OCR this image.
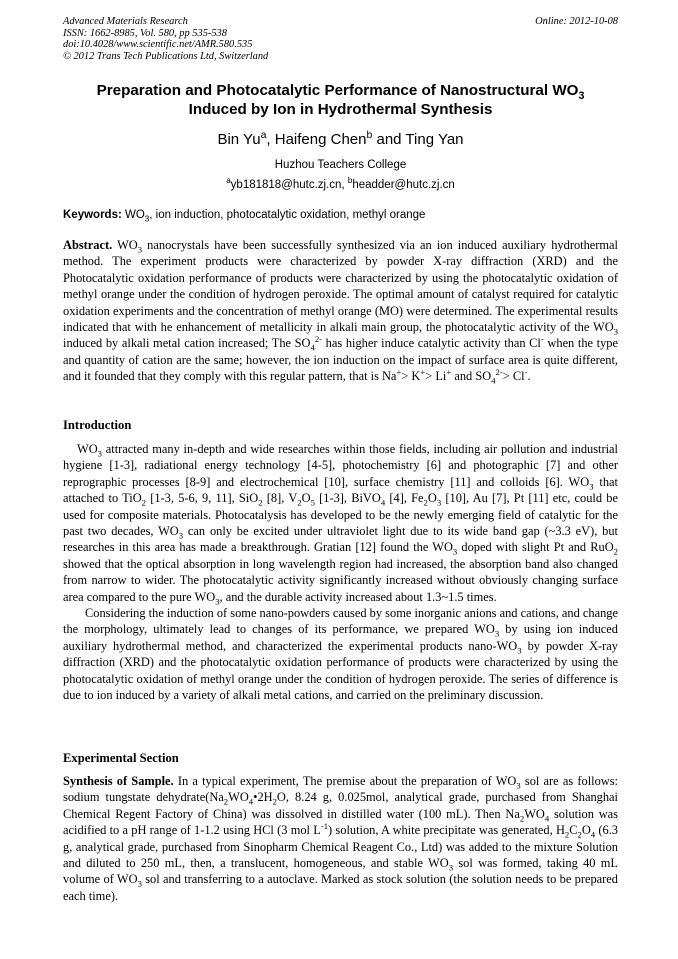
Advanced Materials Research
ISSN: 1662-8985, Vol. 580, pp 535-538
doi:10.4028/www.scientific.net/AMR.580.535
© 2012 Trans Tech Publications Ltd, Switzerland
Online: 2012-10-08
Preparation and Photocatalytic Performance of Nanostructural $WO_3$
Induced by Ion in Hydrothermal Synthesis
Bin Yu$^a$, Haifeng Chen$^b$ and Ting Yan
Huzhou Teachers College
$^a$yb181818@hutc.zj.cn, $^b$headder@hutc.zj.cn
Keywords: $WO_3$, ion induction, photocatalytic oxidation, methyl orange

Abstract. $WO_3$ nanocrystals have been successfully synthesized via an ion induced auxiliary hydrothermal method. The experiment products were characterized by powder X-ray diffraction (XRD) and the Photocatalytic oxidation performance of products were characterized by using the photocatalytic oxidation of methyl orange under the condition of hydrogen peroxide. The optimal amount of catalyst required for catalytic oxidation experiments and the concentration of methyl orange (MO) were determined. The experimental results indicated that with he enhancement of metallicity in alkali main group, the photocatalytic activity of the $WO_3$ induced by alkali metal cation increased; The $SO_4^{2-}$ has higher induce catalytic activity than Cl- when the type and quantity of cation are the same; however, the ion induction on the impact of surface area is quite different, and it founded that they comply with this regular pattern, that is Na+> K+> Li+ and $SO_4^{2-}> Cl^-$.

Introduction

$WO_3$ attracted many in-depth and wide researches within those fields, including air pollution and industrial hygiene [1-3], radiational energy technology [4-5], photochemistry [6] and photographic [7] and other reprographic processes [8-9] and electrochemical [10], surface chemistry [11] and colloids [6]. $WO_3$ that attached to TiO$_2$ [1-3, 5-6, 9, 11], SiO$_2$ [8], $V_2O_5$ [1-3], BiVO$_4$ [4], $Fe_2O_3$ [10], Au [7], Pt [11] etc, could be used for composite materials. Photocatalysis has developed to be the newly emerging field of catalytic for the past two decades, $WO_3$ can only be excited under ultraviolet light due to its wide band gap (~3.3 eV), but researches in this area has made a breakthrough. Gratian [12] found the $WO_3$ doped with slight Pt and RuO$_2$ showed that the optical absorption in long wavelength region had increased, the absorption band also changed from narrow to wider. The photocatalytic activity significantly increased without obviously changing surface area compared to the pure $WO_3$, and the durable activity increased about 1.3~1.5 times.

Considering the induction of some nano-powders caused by some inorganic anions and cations, and change the morphology, ultimately lead to changes of its performance, we prepared $WO_3$ by using ion induced auxiliary hydrothermal method, and characterized the experimental products nano-$WO_3$ by powder X-ray diffraction (XRD) and the photocatalytic oxidation performance of products were characterized by using the photocatalytic oxidation of methyl orange under the condition of hydrogen peroxide. The series of difference is due to ion induced by a variety of alkali metal cations, and carried on the preliminary discussion.

Experimental Section

Synthesis of Sample. In a typical experiment, The premise about the preparation of $WO_3$ sol are as follows: sodium tungstate $dehydrate(Na_2WO_4•2H_2O$, 8.24 g, 0.025mol, analytical grade, purchased from Shanghai Chemical Regent Factory of China) was dissolved in distilled water (100 mL). Then $Na_2WO_4$ solution was acidified to a pH range of 1-1.2 using HCl (3 mol $L^{-1}$) solution, A white precipitate was generated, $H_2C_2O_4$ (6.3 g, analytical grade, purchased from Sinopharm Chemical Reagent Co., Ltd) was added to the mixture Solution and diluted to 250 mL, then, a translucent, homogeneous, and stable $WO_3$ sol was formed, taking 40 mL volume of $WO_3$ sol and transferring to a autoclave. Marked as stock solution (the solution needs to be prepared each time).
